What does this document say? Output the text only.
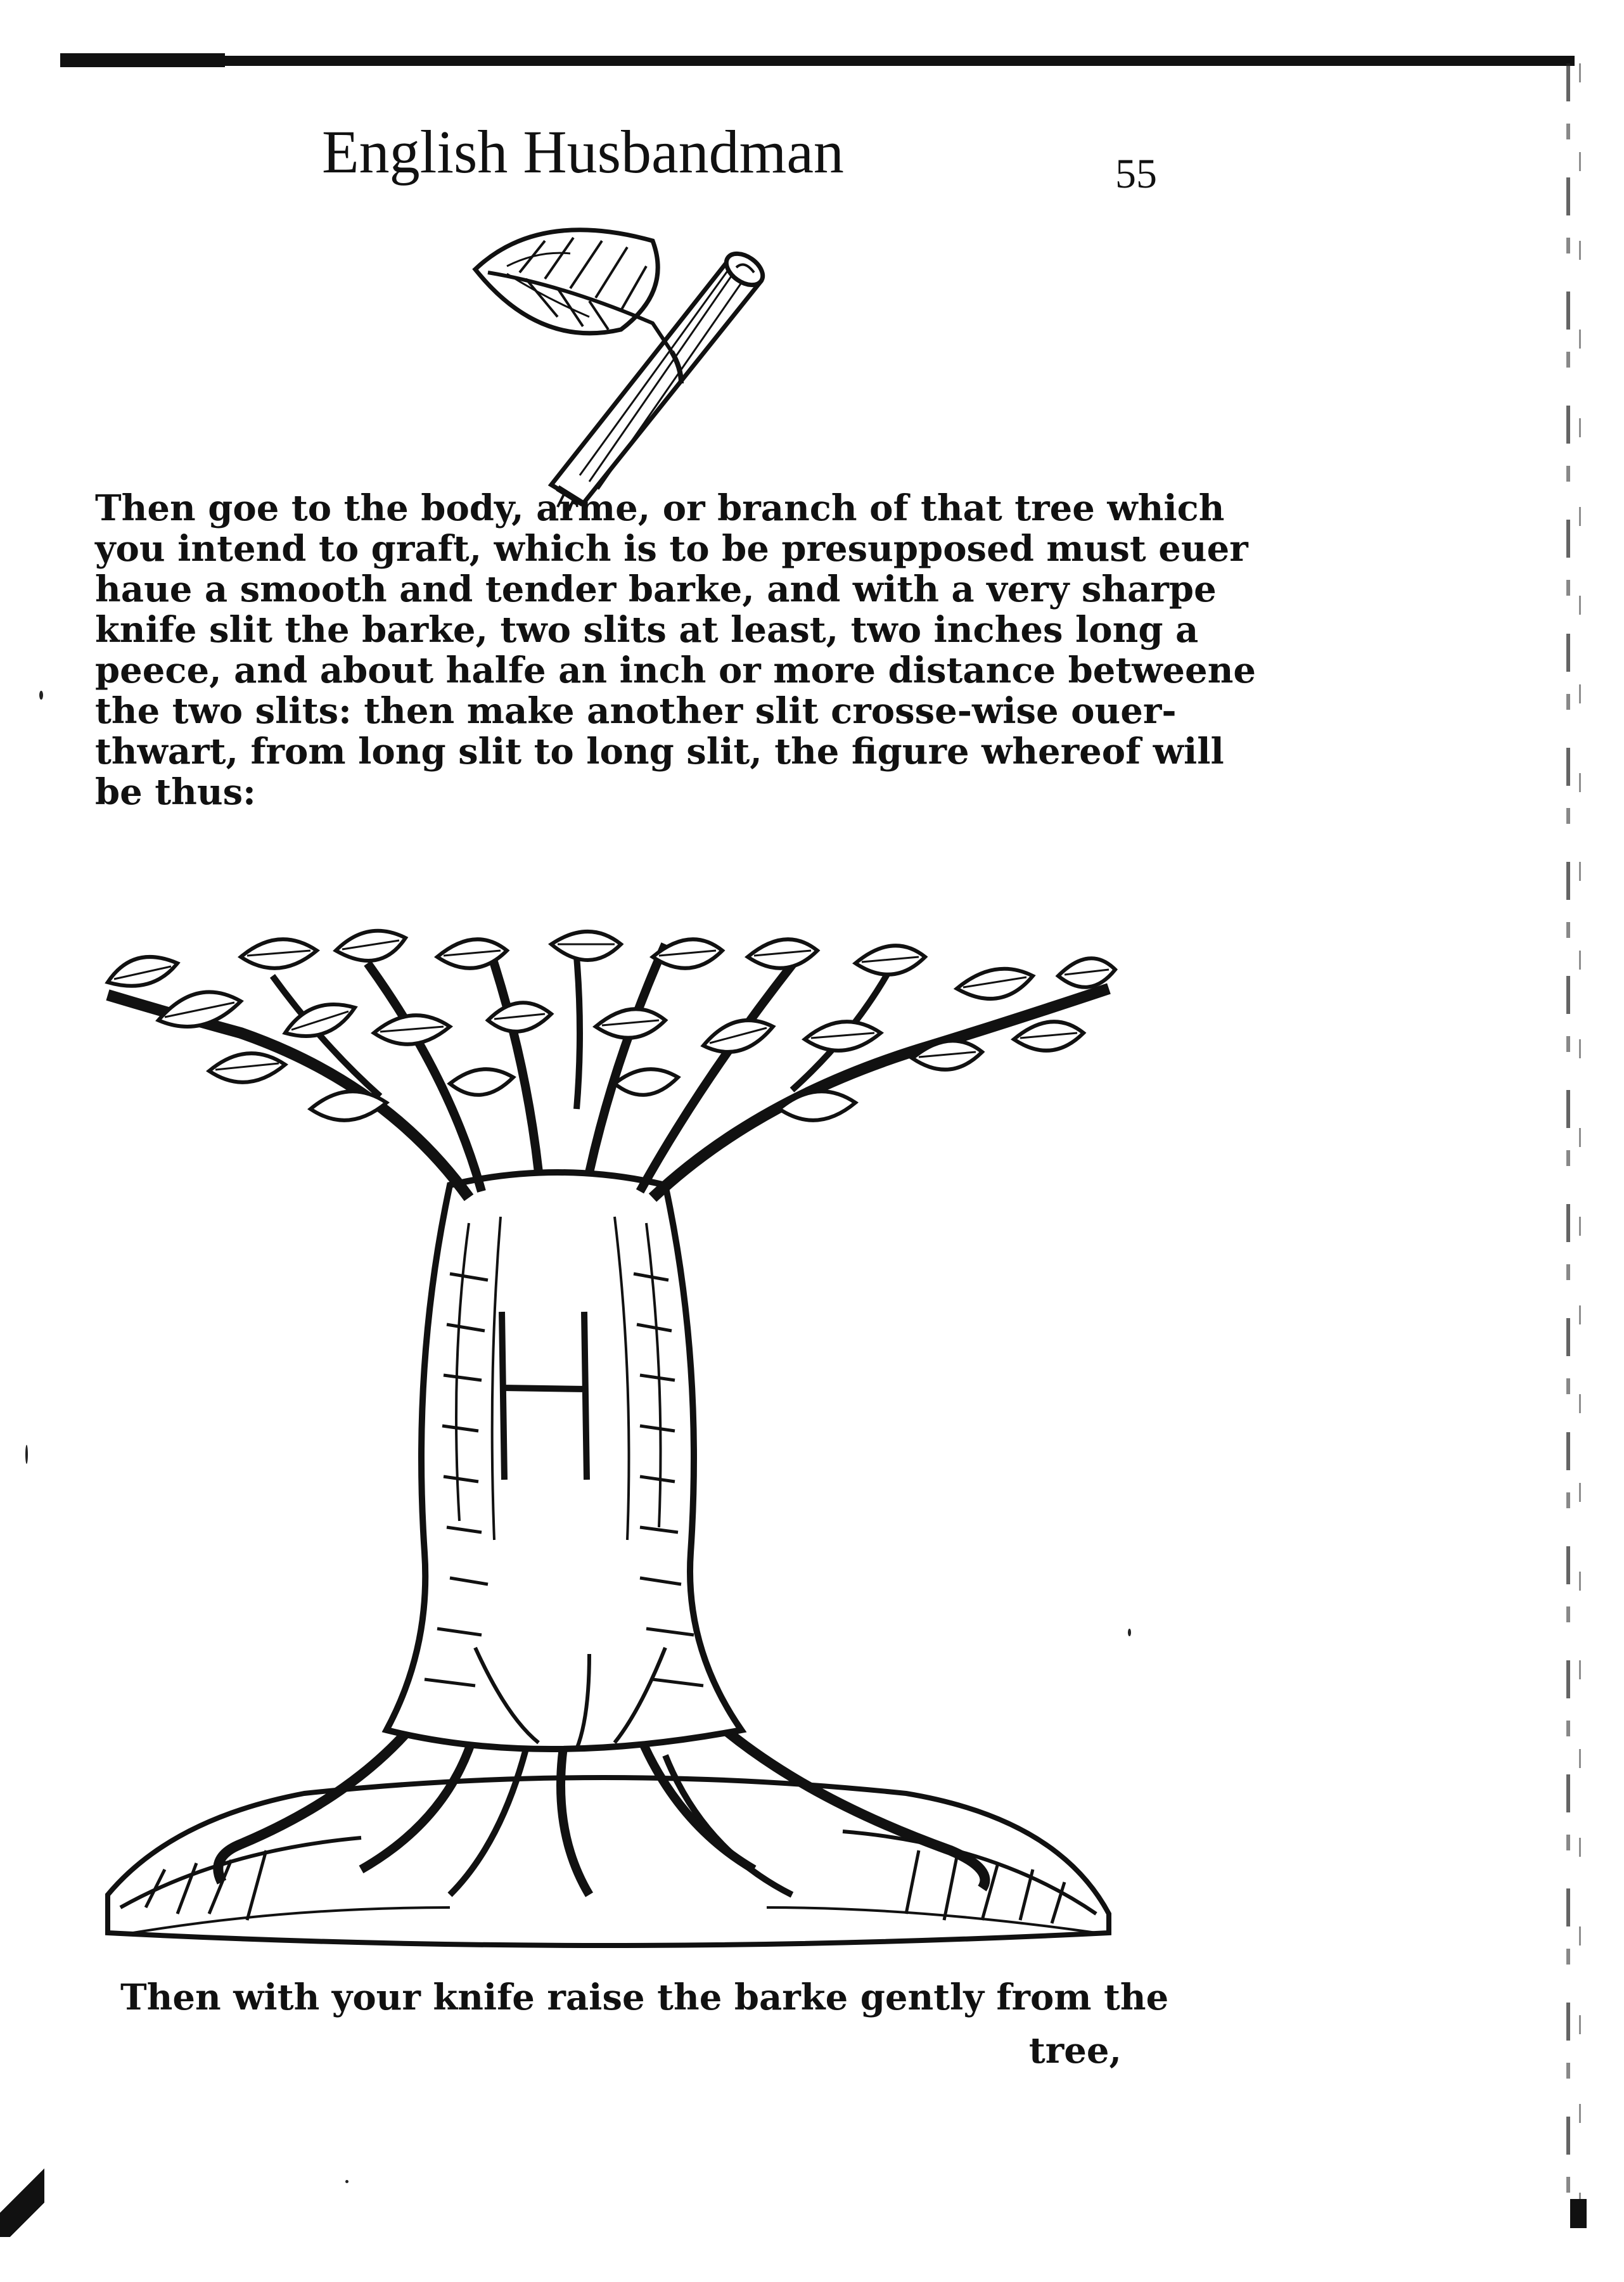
English Husbandman	55
Then goe to the body, arme, or branch of that tree which
you intend to graft, which is to be presupposed must euer
haue a smooth and tender barke, and with a very sharpe
knife slit the barke, two slits at least, two inches long a
peece, and about halfe an inch or more distance betweene
the two slits: then make another slit crosse-wise ouer-
thwart, from long slit to long slit, the figure whereof will
be thus:
Then with your knife raise the barke gently from the
tree,
